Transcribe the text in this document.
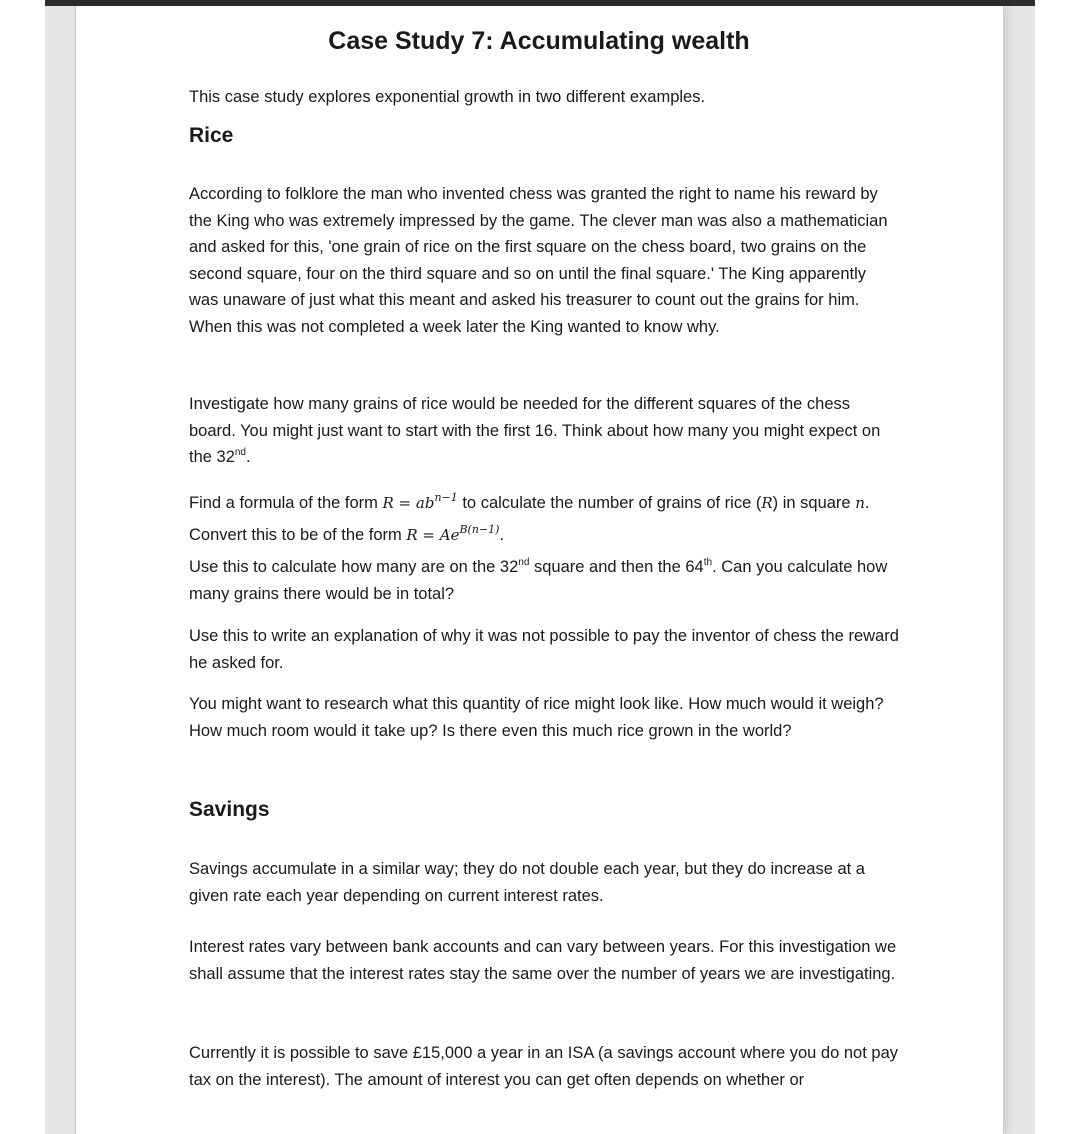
Case Study 7: Accumulating wealth

This case study explores exponential growth in two different examples.

Rice

According to folklore the man who invented chess was granted the right to name his reward by the King who was extremely impressed by the game. The clever man was also a mathematician and asked for this, 'one grain of rice on the first square on the chess board, two grains on the second square, four on the third square and so on until the final square.' The King apparently was unaware of just what this meant and asked his treasurer to count out the grains for him. When this was not completed a week later the King wanted to know why.

Investigate how many grains of rice would be needed for the different squares of the chess board. You might just want to start with the first 16. Think about how many you might expect on the 32nd.

Find a formula of the form $R = ab^{n-1}$ to calculate the number of grains of rice (R) in square n. Convert this to be of the form $R = Ae^{B(n-1)}$.

Use this to calculate how many are on the 32nd square and then the 64th. Can you calculate how many grains there would be in total?

Use this to write an explanation of why it was not possible to pay the inventor of chess the reward he asked for.

You might want to research what this quantity of rice might look like. How much would it weigh? How much room would it take up? Is there even this much rice grown in the world?

Savings

Savings accumulate in a similar way; they do not double each year, but they do increase at a given rate each year depending on current interest rates.

Interest rates vary between bank accounts and can vary between years. For this investigation we shall assume that the interest rates stay the same over the number of years we are investigating.

Currently it is possible to save £15,000 a year in an ISA (a savings account where you do not pay tax on the interest). The amount of interest you can get often depends on whether or
